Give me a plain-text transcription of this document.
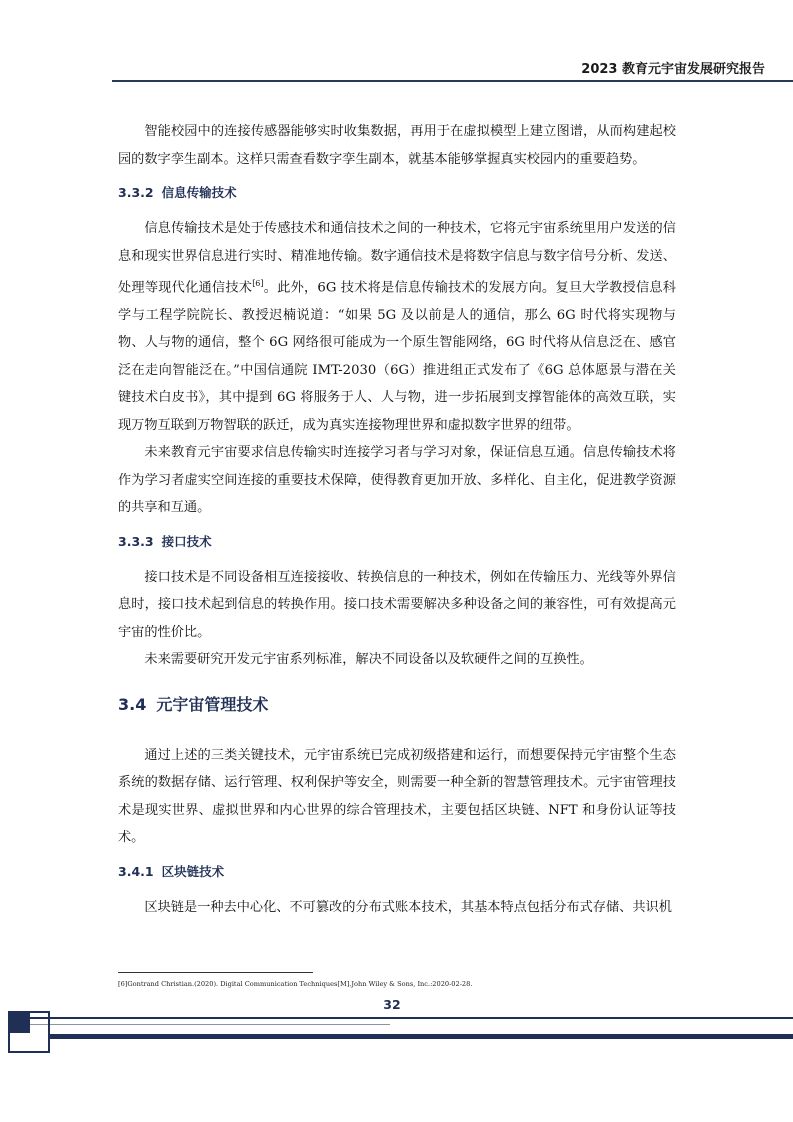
2023 教育元宇宙发展研究报告

智能校园中的连接传感器能够实时收集数据，再用于在虚拟模型上建立图谱，从而构建起校园的数字孪生副本。这样只需查看数字孪生副本，就基本能够掌握真实校园内的重要趋势。

3.3.2 信息传输技术

信息传输技术是处于传感技术和通信技术之间的一种技术，它将元宇宙系统里用户发送的信息和现实世界信息进行实时、精准地传输。数字通信技术是将数字信息与数字信号分析、发送、处理等现代化通信技术[6]。此外，6G 技术将是信息传输技术的发展方向。复旦大学教授信息科学与工程学院院长、教授迟楠说道：“如果 5G 及以前是人的通信，那么 6G 时代将实现物与物、人与物的通信，整个 6G 网络很可能成为一个原生智能网络，6G 时代将从信息泛在、感官泛在走向智能泛在。”中国信通院 IMT-2030（6G）推进组正式发布了《6G 总体愿景与潜在关键技术白皮书》，其中提到 6G 将服务于人、人与物，进一步拓展到支撑智能体的高效互联，实现万物互联到万物智联的跃迁，成为真实连接物理世界和虚拟数字世界的纽带。

未来教育元宇宙要求信息传输实时连接学习者与学习对象，保证信息互通。信息传输技术将作为学习者虚实空间连接的重要技术保障，使得教育更加开放、多样化、自主化，促进教学资源的共享和互通。

3.3.3 接口技术

接口技术是不同设备相互连接接收、转换信息的一种技术，例如在传输压力、光线等外界信息时，接口技术起到信息的转换作用。接口技术需要解决多种设备之间的兼容性，可有效提高元宇宙的性价比。

未来需要研究开发元宇宙系列标准，解决不同设备以及软硬件之间的互换性。

3.4 元宇宙管理技术

通过上述的三类关键技术，元宇宙系统已完成初级搭建和运行，而想要保持元宇宙整个生态系统的数据存储、运行管理、权利保护等安全，则需要一种全新的智慧管理技术。元宇宙管理技术是现实世界、虚拟世界和内心世界的综合管理技术，主要包括区块链、NFT 和身份认证等技术。

3.4.1 区块链技术

区块链是一种去中心化、不可篡改的分布式账本技术，其基本特点包括分布式存储、共识机

[6]Gontrand Christian.(2020). Digital Communication Techniques[M].John Wiley & Sons, Inc.:2020-02-28.
32
